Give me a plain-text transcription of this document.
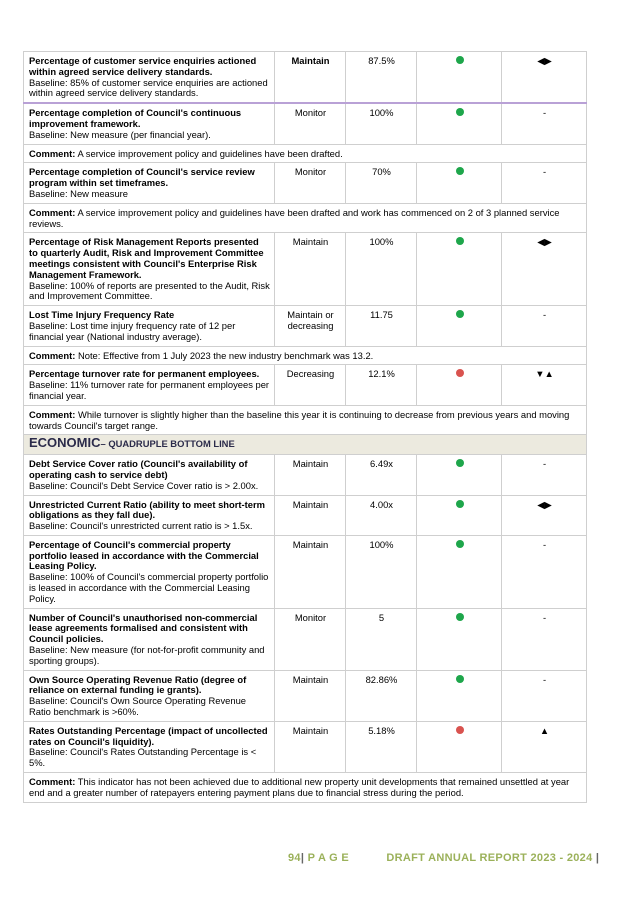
Percentage of customer service enquiries actioned within agreed service delivery standards.
Baseline: 85% of customer service enquiries are actioned within agreed service delivery standards.	Maintain	87.5%		◀▶

Percentage completion of Council's continuous improvement framework.
Baseline: New measure (per financial year).	Monitor	100%		-
Comment: A service improvement policy and guidelines have been drafted.				

Percentage completion of Council's service review program within set timeframes.
Baseline: New measure	Monitor	70%		-
Comment: A service improvement policy and guidelines have been drafted and work has commenced on 2 of 3 planned service reviews.				

Percentage of Risk Management Reports presented to quarterly Audit, Risk and Improvement Committee meetings consistent with Council's Enterprise Risk Management Framework.
Baseline: 100% of reports are presented to the Audit, Risk and Improvement Committee.	Maintain	100%		◀▶

Lost Time Injury Frequency Rate
Baseline: Lost time injury frequency rate of 12 per financial year (National industry average).	Maintain or decreasing	11.75		-
Comment: Note: Effective from 1 July 2023 the new industry benchmark was 13.2.				

Percentage turnover rate for permanent employees.
Baseline: 11% turnover rate for permanent employees per financial year.	Decreasing	12.1%		▼▲
Comment: While turnover is slightly higher than the baseline this year it is continuing to decrease from previous years and moving towards Council's target range.				
ECONOMIC– QUADRUPLE BOTTOM LINE				

Debt Service Cover ratio (Council's availability of operating cash to service debt)
Baseline: Council's Debt Service Cover ratio is > 2.00x.	Maintain	6.49x		-

Unrestricted Current Ratio (ability to meet short-term obligations as they fall due).
Baseline: Council's unrestricted current ratio is > 1.5x.	Maintain	4.00x		◀▶

Percentage of Council's commercial property portfolio leased in accordance with the Commercial Leasing Policy.
Baseline: 100% of Council's commercial property portfolio is leased in accordance with the Commercial Leasing Policy.	Maintain	100%		-

Number of Council's unauthorised non-commercial lease agreements formalised and consistent with Council policies.
Baseline: New measure (for not-for-profit community and sporting groups).	Monitor	5		-

Own Source Operating Revenue Ratio (degree of reliance on external funding ie grants).
Baseline: Council's Own Source Operating Revenue Ratio benchmark is >60%.	Maintain	82.86%		-

Rates Outstanding Percentage (impact of uncollected rates on Council's liquidity).
Baseline: Council's Rates Outstanding Percentage is < 5%.	Maintain	5.18%		▲
Comment: This indicator has not been achieved due to additional new property unit developments that remained unsettled at year end and a greater number of ratepayers entering payment plans due to financial stress during the period.				
94| P A G E	DRAFT ANNUAL REPORT 2023 - 2024 |
